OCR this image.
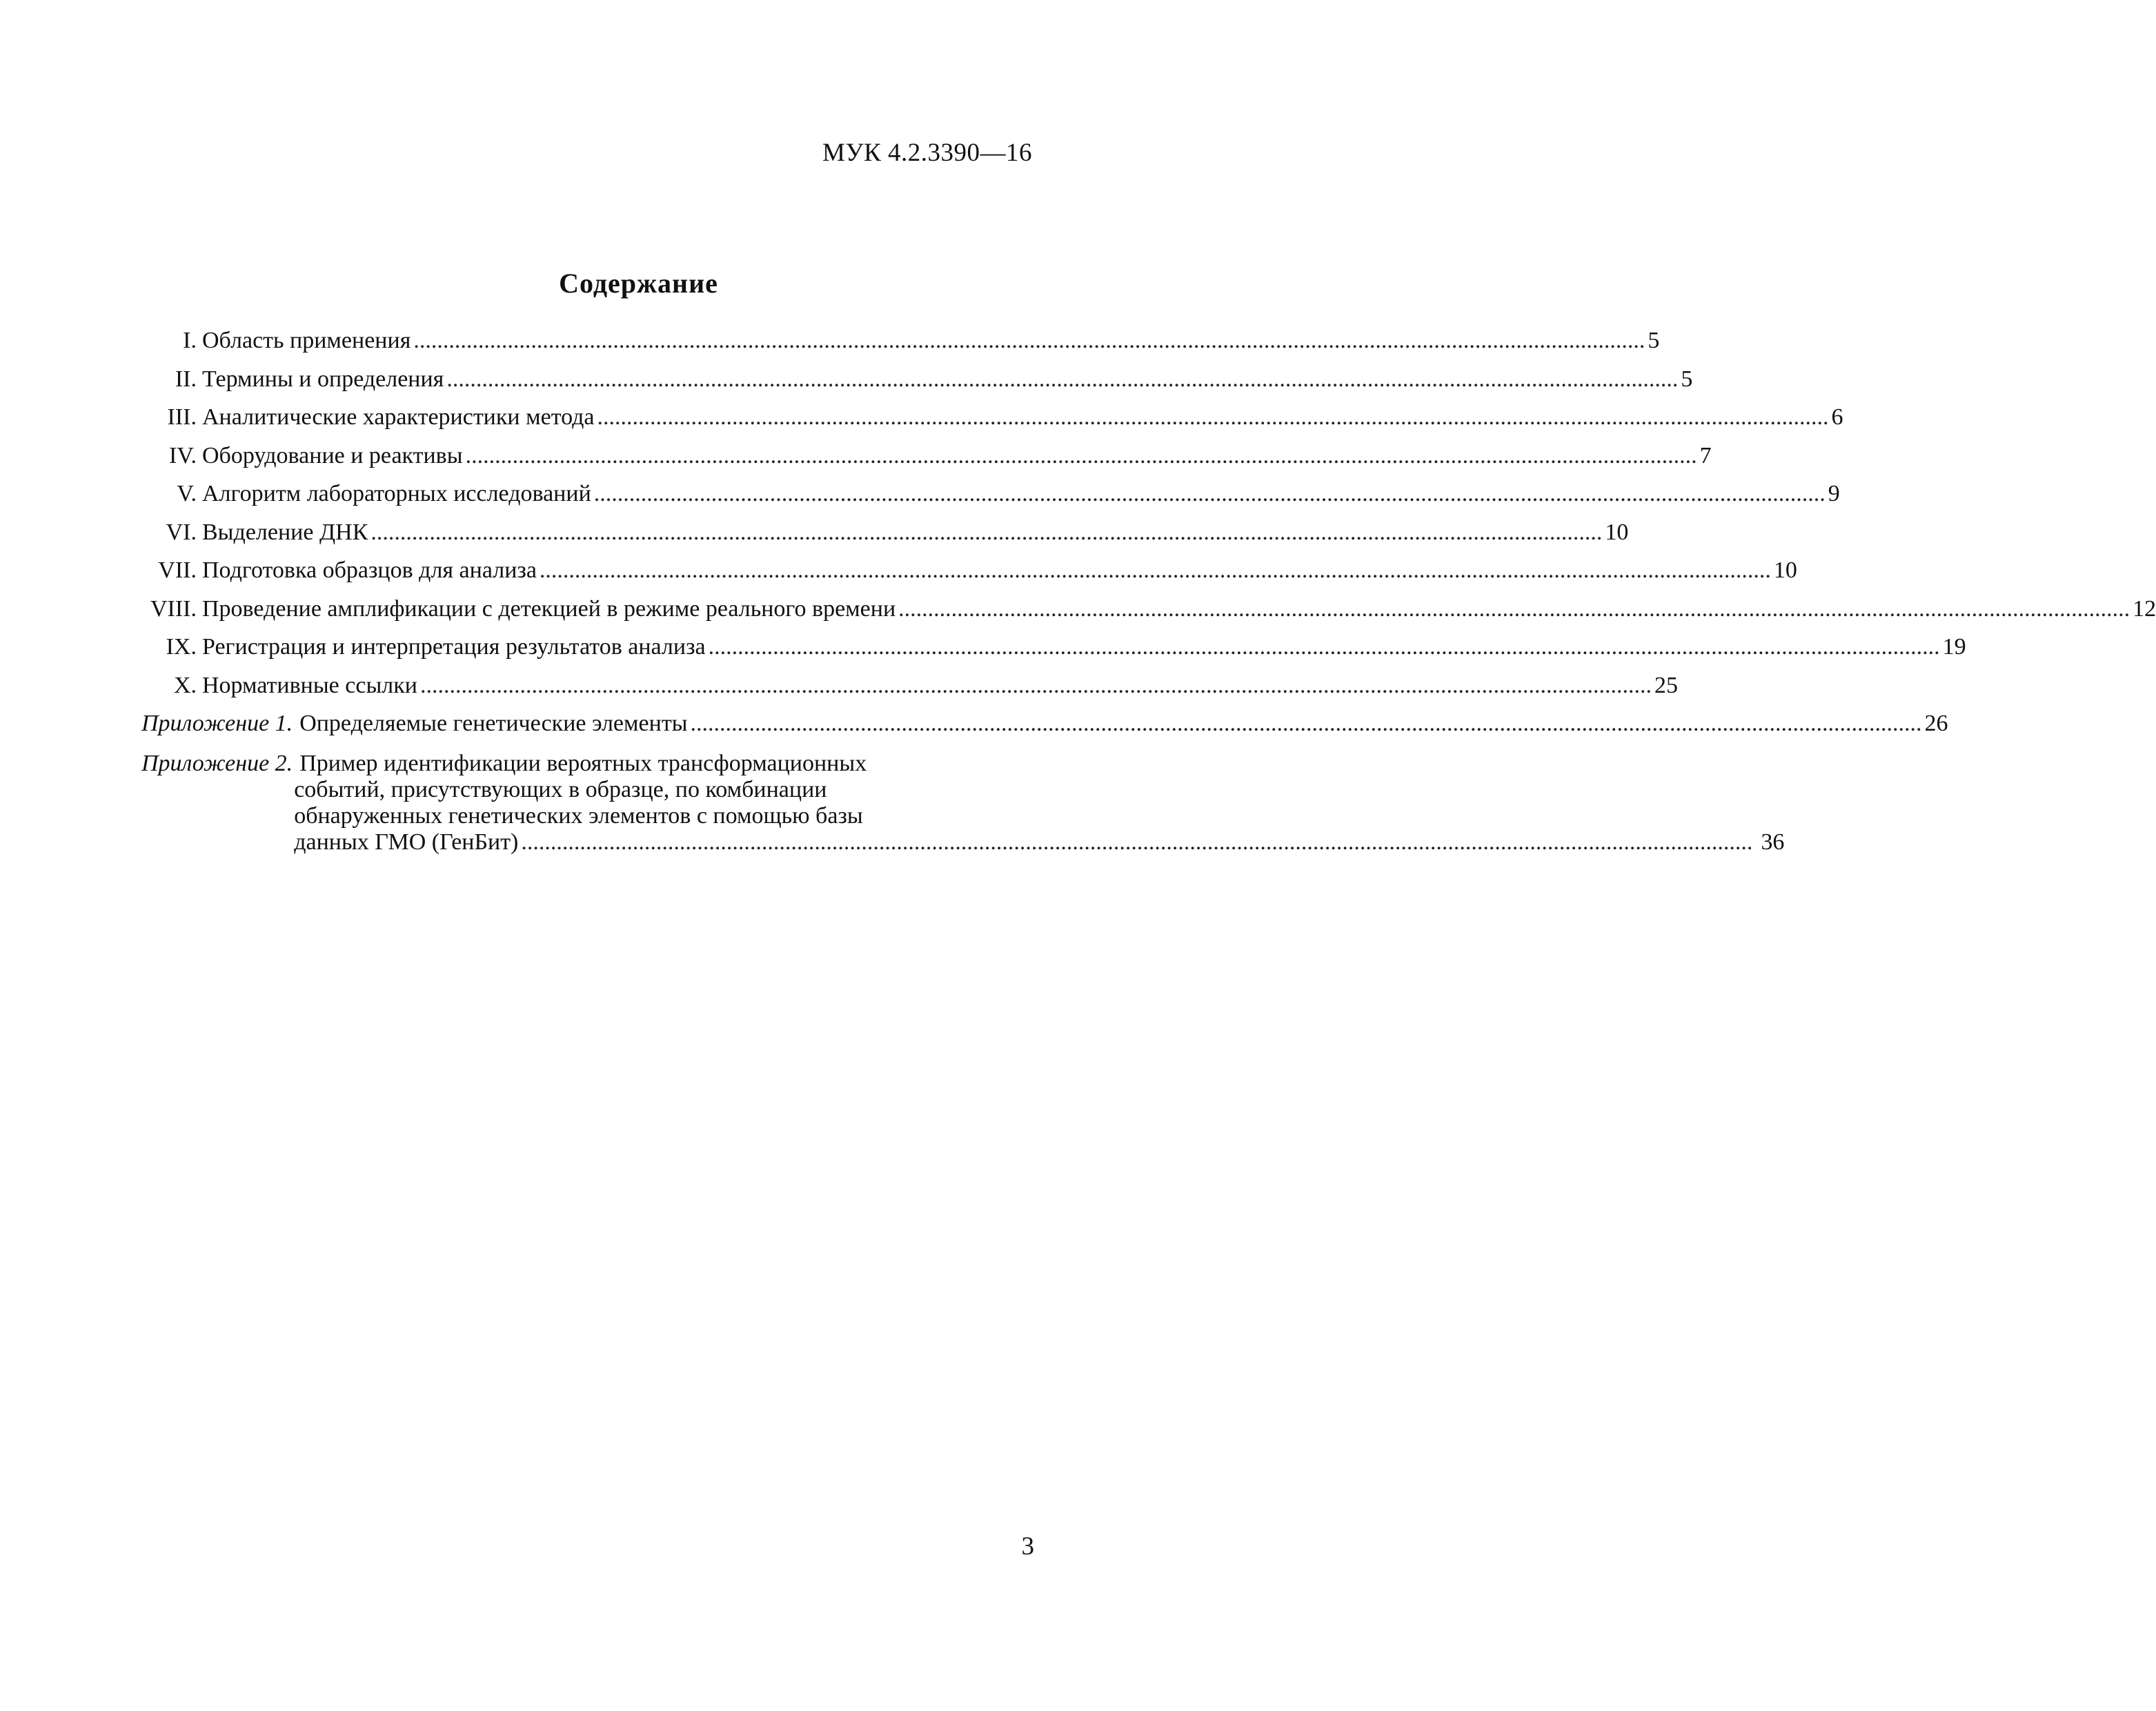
МУК 4.2.3390—16
Содержание
I. Область применения .....	5
II. Термины и определения .....	5
III. Аналитические характеристики метода .....	6
IV. Оборудование и реактивы .....	7
V. Алгоритм лабораторных исследований .....	9
VI. Выделение ДНК .....	10
VII. Подготовка образцов для анализа .....	10
VIII. Проведение амплификации с детекцией в режиме реального времени .....	12
IX. Регистрация и интерпретация результатов анализа .....	19
X. Нормативные ссылки .....	25
Приложение 1. Определяемые генетические элементы .....	26
Приложение 2. Пример идентификации вероятных трансформационных
событий, присутствующих в образце, по комбинации
обнаруженных генетических элементов с помощью базы
данных ГМО (ГенБит) .....	36
3
